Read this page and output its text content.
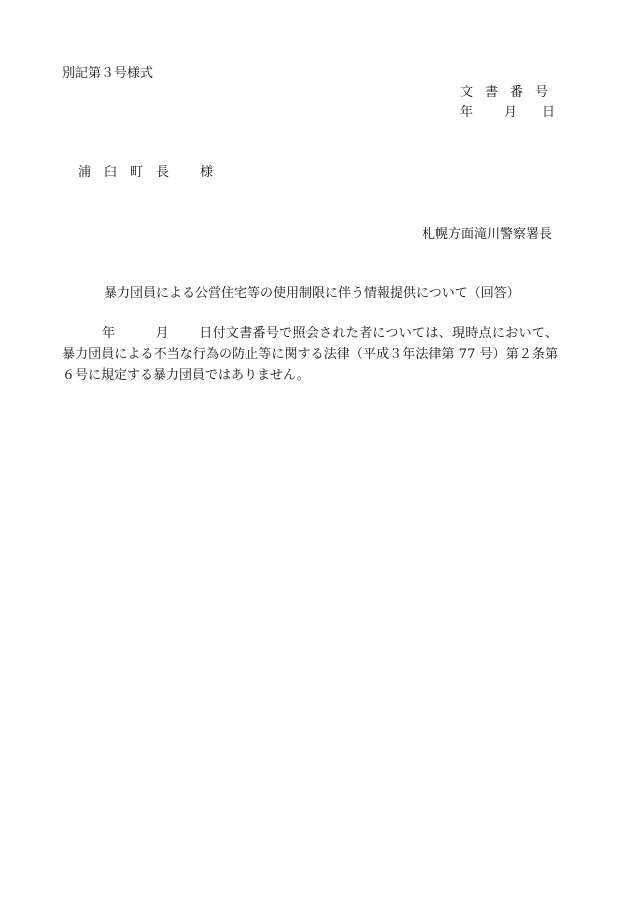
別記第３号様式
文書番号
年 月 日
浦臼町長 様
札幌方面滝川警察署長
暴力団員による公営住宅等の使用制限に伴う情報提供について（回答）
年	月 日付文書番号で照会された者については、現時点において、暴力団員による不当な行為の防止等に関する法律（平成３年法律第 77 号）第２条第６号に規定する暴力団員ではありません。
